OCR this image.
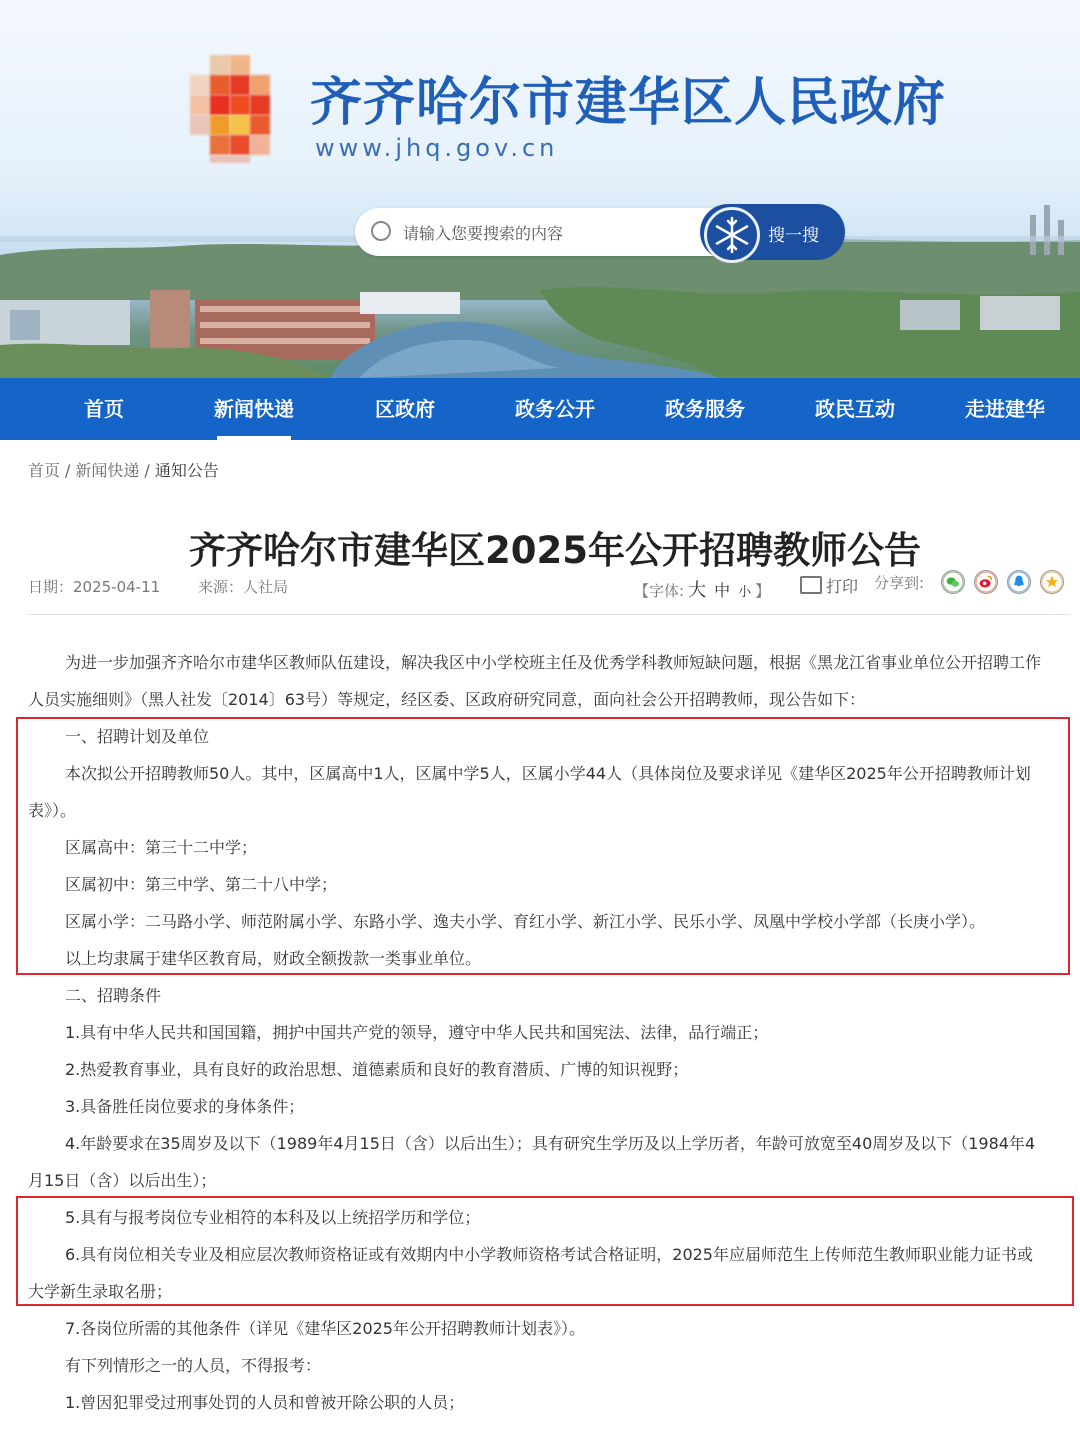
齐齐哈尔市建华区人民政府
www.jhq.gov.cn
请输入您要搜索的内容
搜一搜
首页	新闻快递	区政府	政务公开	政务服务	政民互动	走进建华
首页 / 新闻快递 / 通知公告
齐齐哈尔市建华区2025年公开招聘教师公告
日期：2025-04-11	来源：人社局	【字体: 大 中 小 】	打印 分享到:
为进一步加强齐齐哈尔市建华区教师队伍建设，解决我区中小学校班主任及优秀学科教师短缺问题，根据《黑龙江省事业单位公开招聘工作
人员实施细则》（黑人社发〔2014〕63号）等规定，经区委、区政府研究同意，面向社会公开招聘教师，现公告如下：
一、招聘计划及单位
本次拟公开招聘教师50人。其中，区属高中1人，区属中学5人，区属小学44人（具体岗位及要求详见《建华区2025年公开招聘教师计划
表》）。
区属高中：第三十二中学；
区属初中：第三中学、第二十八中学；
区属小学：二马路小学、师范附属小学、东路小学、逸夫小学、育红小学、新江小学、民乐小学、凤凰中学校小学部（长庚小学）。
以上均隶属于建华区教育局，财政全额拨款一类事业单位。
二、招聘条件
1.具有中华人民共和国国籍，拥护中国共产党的领导，遵守中华人民共和国宪法、法律，品行端正；
2.热爱教育事业，具有良好的政治思想、道德素质和良好的教育潜质、广博的知识视野；
3.具备胜任岗位要求的身体条件；
4.年龄要求在35周岁及以下（1989年4月15日（含）以后出生）；具有研究生学历及以上学历者，年龄可放宽至40周岁及以下（1984年4
月15日（含）以后出生）；
5.具有与报考岗位专业相符的本科及以上统招学历和学位；
6.具有岗位相关专业及相应层次教师资格证或有效期内中小学教师资格考试合格证明，2025年应届师范生上传师范生教师职业能力证书或
大学新生录取名册；
7.各岗位所需的其他条件（详见《建华区2025年公开招聘教师计划表》）。
有下列情形之一的人员，不得报考：
1.曾因犯罪受过刑事处罚的人员和曾被开除公职的人员；
